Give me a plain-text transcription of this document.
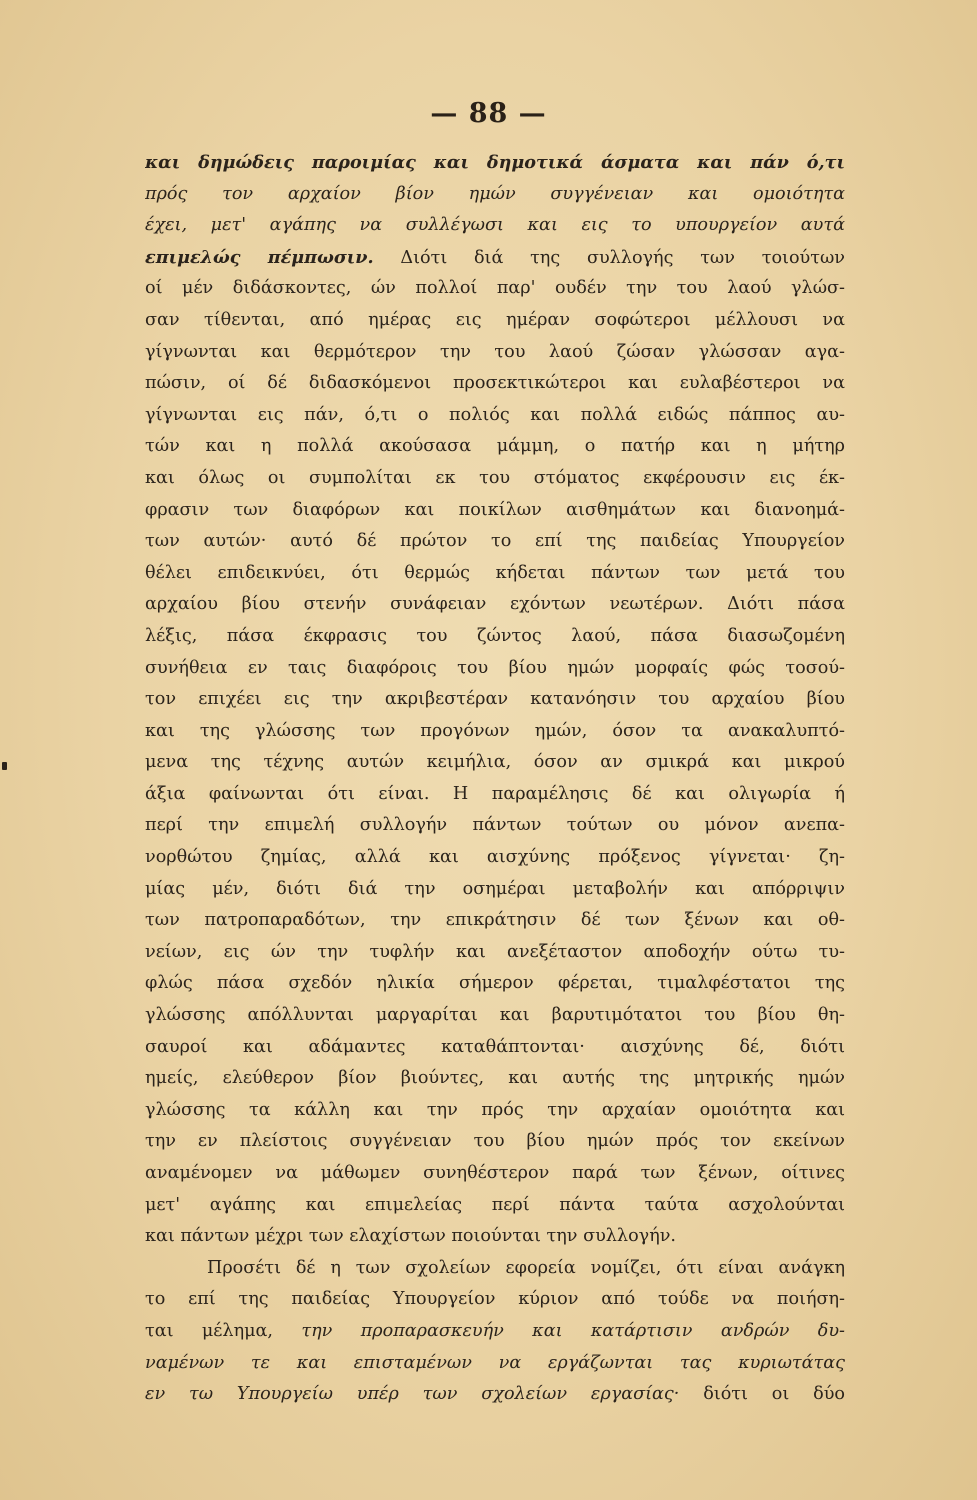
— 88 —
και δημώδεις παροιμίας και δημοτικά άσματα και πάν ό,τι
πρός τον αρχαίον βίον ημών συγγένειαν και ομοιότητα
έχει, μετ' αγάπης να συλλέγωσι και εις το υπουργείον αυτά
επιμελώς πέμπωσιν. Διότι διά της συλλογής των τοιούτων
οί μέν διδάσκοντες, ών πολλοί παρ' ουδέν την του λαού γλώσ-
σαν τίθενται, από ημέρας εις ημέραν σοφώτεροι μέλλουσι να
γίγνωνται και θερμότερον την του λαού ζώσαν γλώσσαν αγα-
πώσιν, οί δέ διδασκόμενοι προσεκτικώτεροι και ευλαβέστεροι να
γίγνωνται εις πάν, ό,τι ο πολιός και πολλά ειδώς πάππος αυ-
τών και η πολλά ακούσασα μάμμη, ο πατήρ και η μήτηρ
και όλως οι συμπολίται εκ του στόματος εκφέρουσιν εις έκ-
φρασιν των διαφόρων και ποικίλων αισθημάτων και διανοημά-
των αυτών· αυτό δέ πρώτον το επί της παιδείας Υπουργείον
θέλει επιδεικνύει, ότι θερμώς κήδεται πάντων των μετά του
αρχαίου βίου στενήν συνάφειαν εχόντων νεωτέρων. Διότι πάσα
λέξις, πάσα έκφρασις του ζώντος λαού, πάσα διασωζομένη
συνήθεια εν ταις διαφόροις του βίου ημών μορφαίς φώς τοσού-
τον επιχέει εις την ακριβεστέραν κατανόησιν του αρχαίου βίου
και της γλώσσης των προγόνων ημών, όσον τα ανακαλυπτό-
μενα της τέχνης αυτών κειμήλια, όσον αν σμικρά και μικρού
άξια φαίνωνται ότι είναι. Η παραμέλησις δέ και ολιγωρία ή
περί την επιμελή συλλογήν πάντων τούτων ου μόνον ανεπα-
νορθώτου ζημίας, αλλά και αισχύνης πρόξενος γίγνεται· ζη-
μίας μέν, διότι διά την οσημέραι μεταβολήν και απόρριψιν
των πατροπαραδότων, την επικράτησιν δέ των ξένων και οθ-
νείων, εις ών την τυφλήν και ανεξέταστον αποδοχήν ούτω τυ-
φλώς πάσα σχεδόν ηλικία σήμερον φέρεται, τιμαλφέστατοι της
γλώσσης απόλλυνται μαργαρίται και βαρυτιμότατοι του βίου θη-
σαυροί και αδάμαντες καταθάπτονται· αισχύνης δέ, διότι
ημείς, ελεύθερον βίον βιούντες, και αυτής της μητρικής ημών
γλώσσης τα κάλλη και την πρός την αρχαίαν ομοιότητα και
την εν πλείστοις συγγένειαν του βίου ημών πρός τον εκείνων
αναμένομεν να μάθωμεν συνηθέστερον παρά των ξένων, οίτινες
μετ' αγάπης και επιμελείας περί πάντα ταύτα ασχολούνται
και πάντων μέχρι των ελαχίστων ποιούνται την συλλογήν.
Προσέτι δέ η των σχολείων εφορεία νομίζει, ότι είναι ανάγκη
το επί της παιδείας Υπουργείον κύριον από τούδε να ποιήση-
ται μέλημα, την προπαρασκευήν και κατάρτισιν ανδρών δυ-
ναμένων τε και επισταμένων να εργάζωνται τας κυριωτάτας
εν τω Υπουργείω υπέρ των σχολείων εργασίας· διότι οι δύο
